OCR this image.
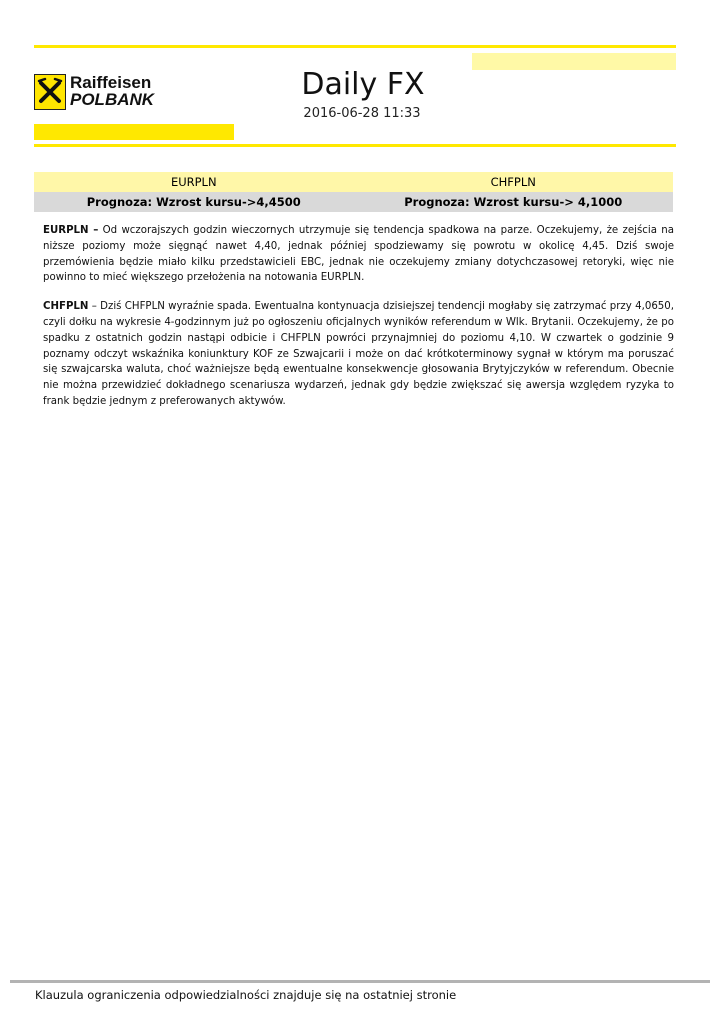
Raiffeisen
POLBANK	Daily FX
2016-06-28 11:33
EURPLN	CHFPLN
Prognoza: Wzrost kursu->4,4500	Prognoza: Wzrost kursu-> 4,1000

EURPLN – Od wczorajszych godzin wieczornych utrzymuje się tendencja spadkowa na parze. Oczekujemy, że zejścia na niższe poziomy może sięgnąć nawet 4,40, jednak później spodziewamy się powrotu w okolicę 4,45. Dziś swoje przemówienia będzie miało kilku przedstawicieli EBC, jednak nie oczekujemy zmiany dotychczasowej retoryki, więc nie powinno to mieć większego przełożenia na notowania EURPLN.

CHFPLN – Dziś CHFPLN wyraźnie spada. Ewentualna kontynuacja dzisiejszej tendencji mogłaby się zatrzymać przy 4,0650, czyli dołku na wykresie 4-godzinnym już po ogłoszeniu oficjalnych wyników referendum w Wlk. Brytanii. Oczekujemy, że po spadku z ostatnich godzin nastąpi odbicie i CHFPLN powróci przynajmniej do poziomu 4,10. W czwartek o godzinie 9 poznamy odczyt wskaźnika koniunktury KOF ze Szwajcarii i może on dać krótkoterminowy sygnał w którym ma poruszać się szwajcarska waluta, choć ważniejsze będą ewentualne konsekwencje głosowania Brytyjczyków w referendum. Obecnie nie można przewidzieć dokładnego scenariusza wydarzeń, jednak gdy będzie zwiększać się awersja względem ryzyka to frank będzie jednym z preferowanych aktywów.

Klauzula ograniczenia odpowiedzialności znajduje się na ostatniej stronie
